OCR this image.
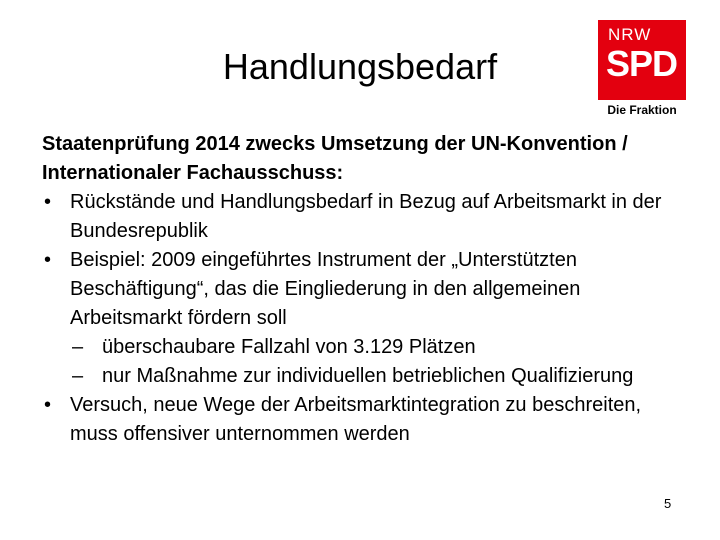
Handlungsbedarf
NRW
SPD
Die Fraktion

Staatenprüfung 2014 zwecks Umsetzung der UN-Konvention /
Internationaler Fachausschuss:

• Rückstände und Handlungsbedarf in Bezug auf Arbeitsmarkt in der Bundesrepublik
• Beispiel: 2009 eingeführtes Instrument der „Unterstützten Beschäftigung“, das die Eingliederung in den allgemeinen Arbeitsmarkt fördern soll
– überschaubare Fallzahl von 3.129 Plätzen
– nur Maßnahme zur individuellen betrieblichen Qualifizierung
• Versuch, neue Wege der Arbeitsmarktintegration zu beschreiten, muss offensiver unternommen werden
5
